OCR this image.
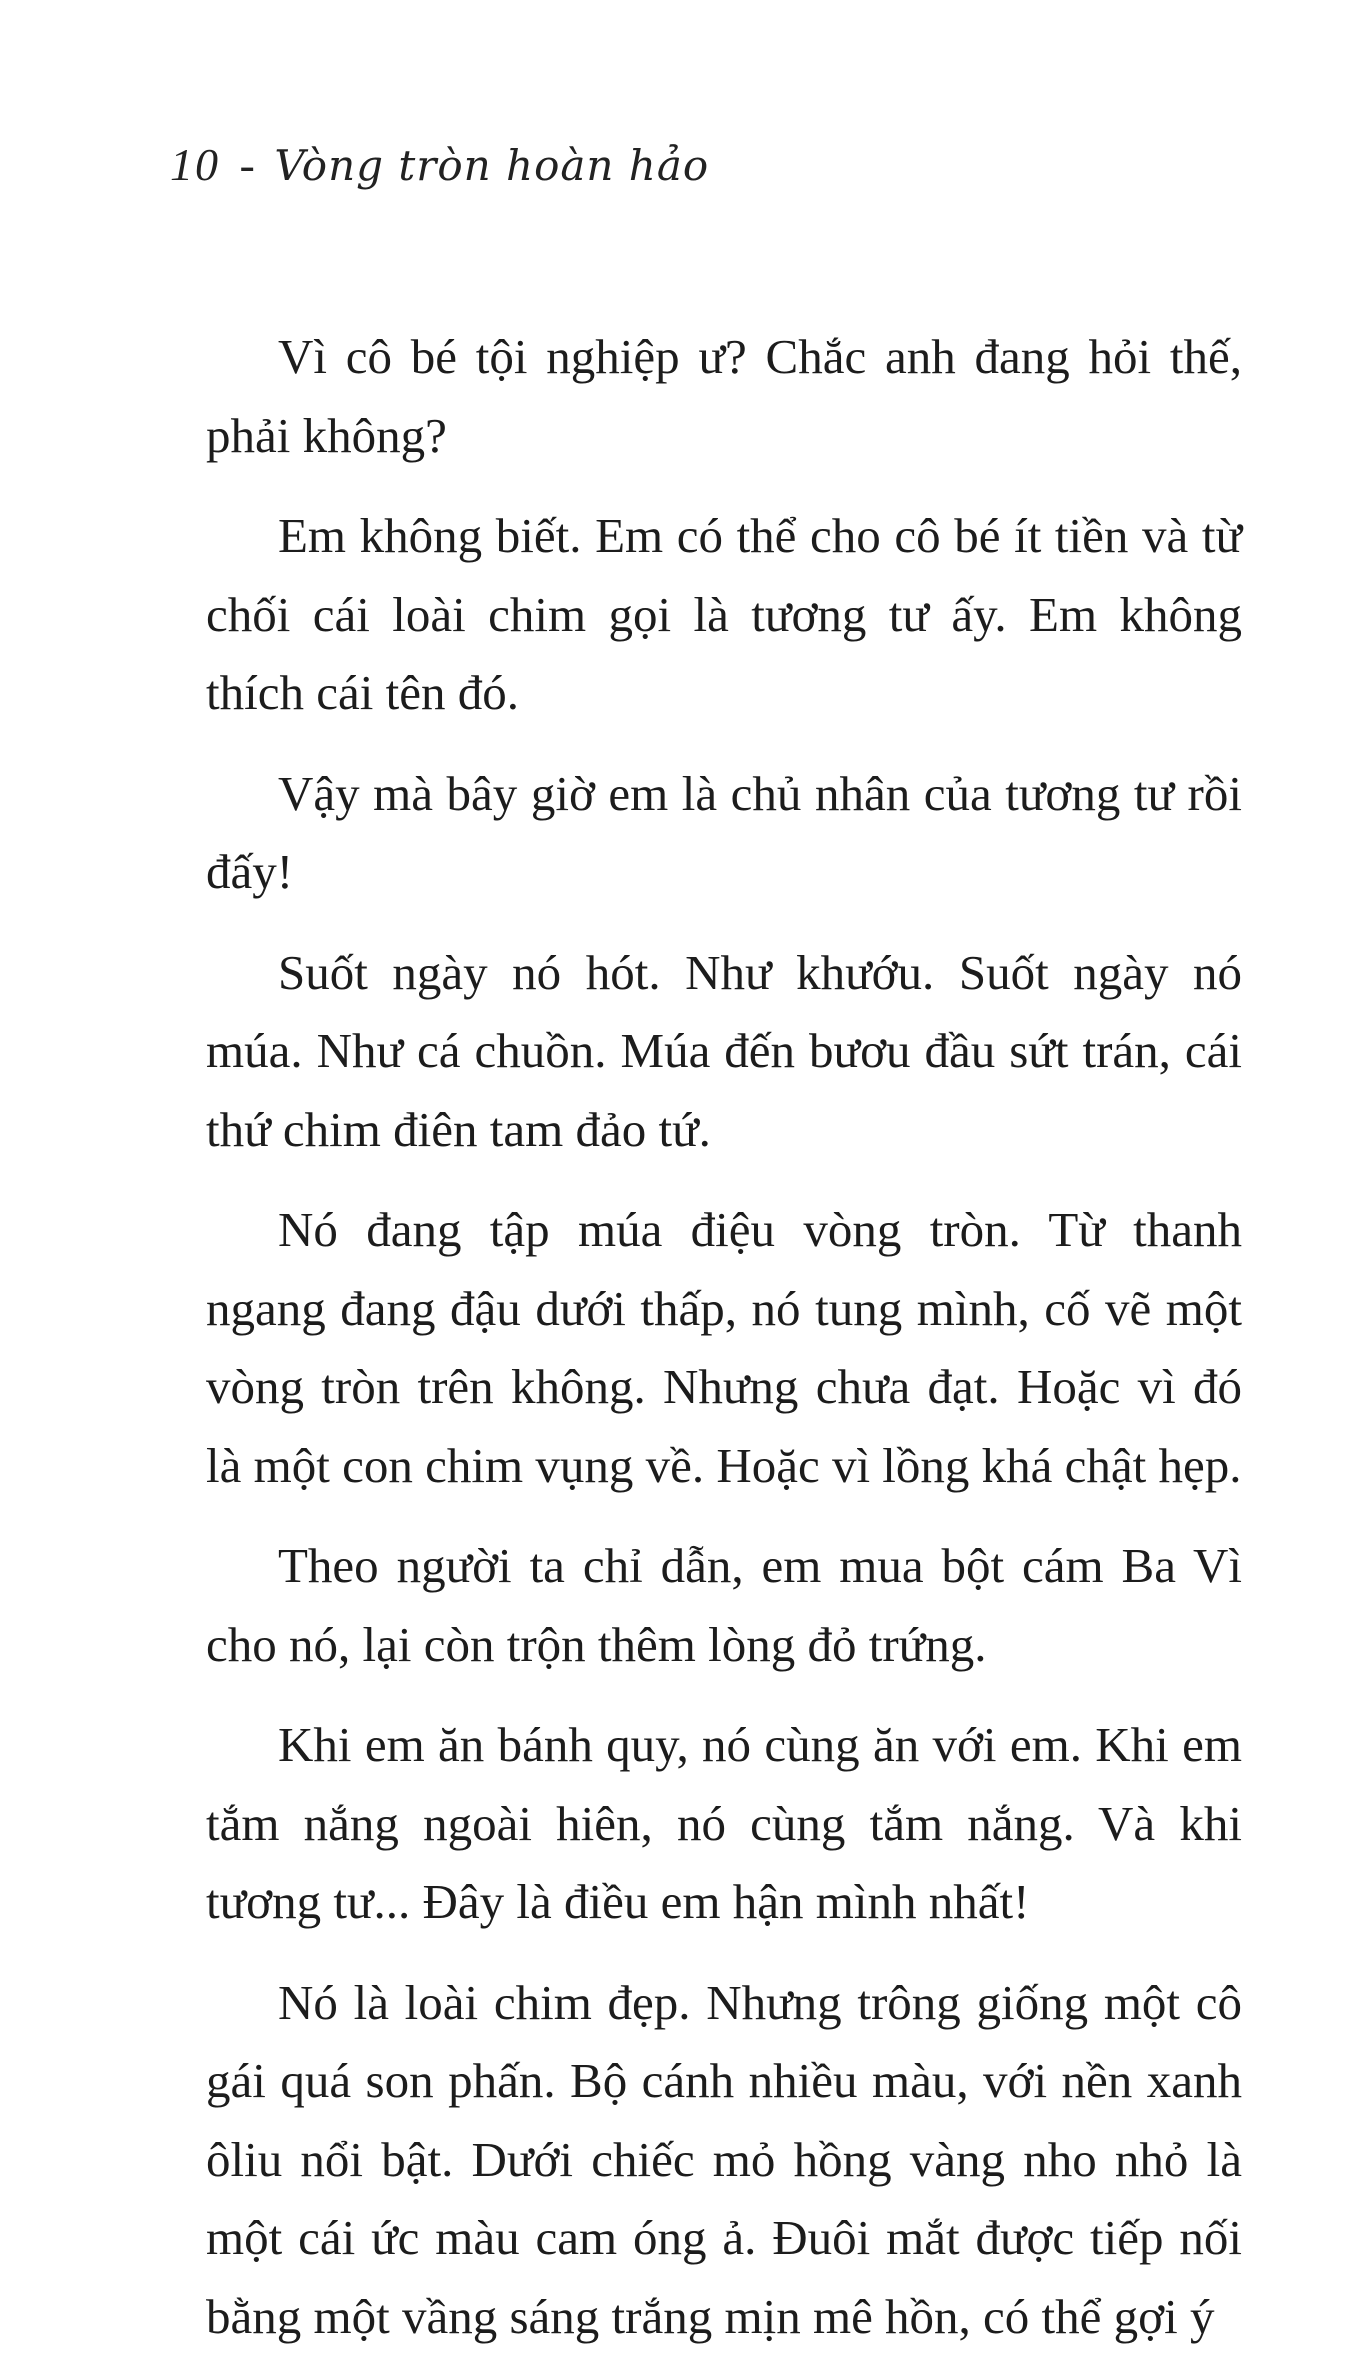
10 - Vòng tròn hoàn hảo

Vì cô bé tội nghiệp ư? Chắc anh đang hỏi thế, phải không?

Em không biết. Em có thể cho cô bé ít tiền và từ chối cái loài chim gọi là tương tư ấy. Em không thích cái tên đó.

Vậy mà bây giờ em là chủ nhân của tương tư rồi đấy!

Suốt ngày nó hót. Như khướu. Suốt ngày nó múa. Như cá chuồn. Múa đến bươu đầu sứt trán, cái thứ chim điên tam đảo tứ.

Nó đang tập múa điệu vòng tròn. Từ thanh ngang đang đậu dưới thấp, nó tung mình, cố vẽ một vòng tròn trên không. Nhưng chưa đạt. Hoặc vì đó là một con chim vụng về. Hoặc vì lồng khá chật hẹp.

Theo người ta chỉ dẫn, em mua bột cám Ba Vì cho nó, lại còn trộn thêm lòng đỏ trứng.

Khi em ăn bánh quy, nó cùng ăn với em. Khi em tắm nắng ngoài hiên, nó cùng tắm nắng. Và khi tương tư... Đây là điều em hận mình nhất!

Nó là loài chim đẹp. Nhưng trông giống một cô gái quá son phấn. Bộ cánh nhiều màu, với nền xanh ôliu nổi bật. Dưới chiếc mỏ hồng vàng nho nhỏ là một cái ức màu cam óng ả. Đuôi mắt được tiếp nối bằng một vầng sáng trắng mịn mê hồn, có thể gợi ý
